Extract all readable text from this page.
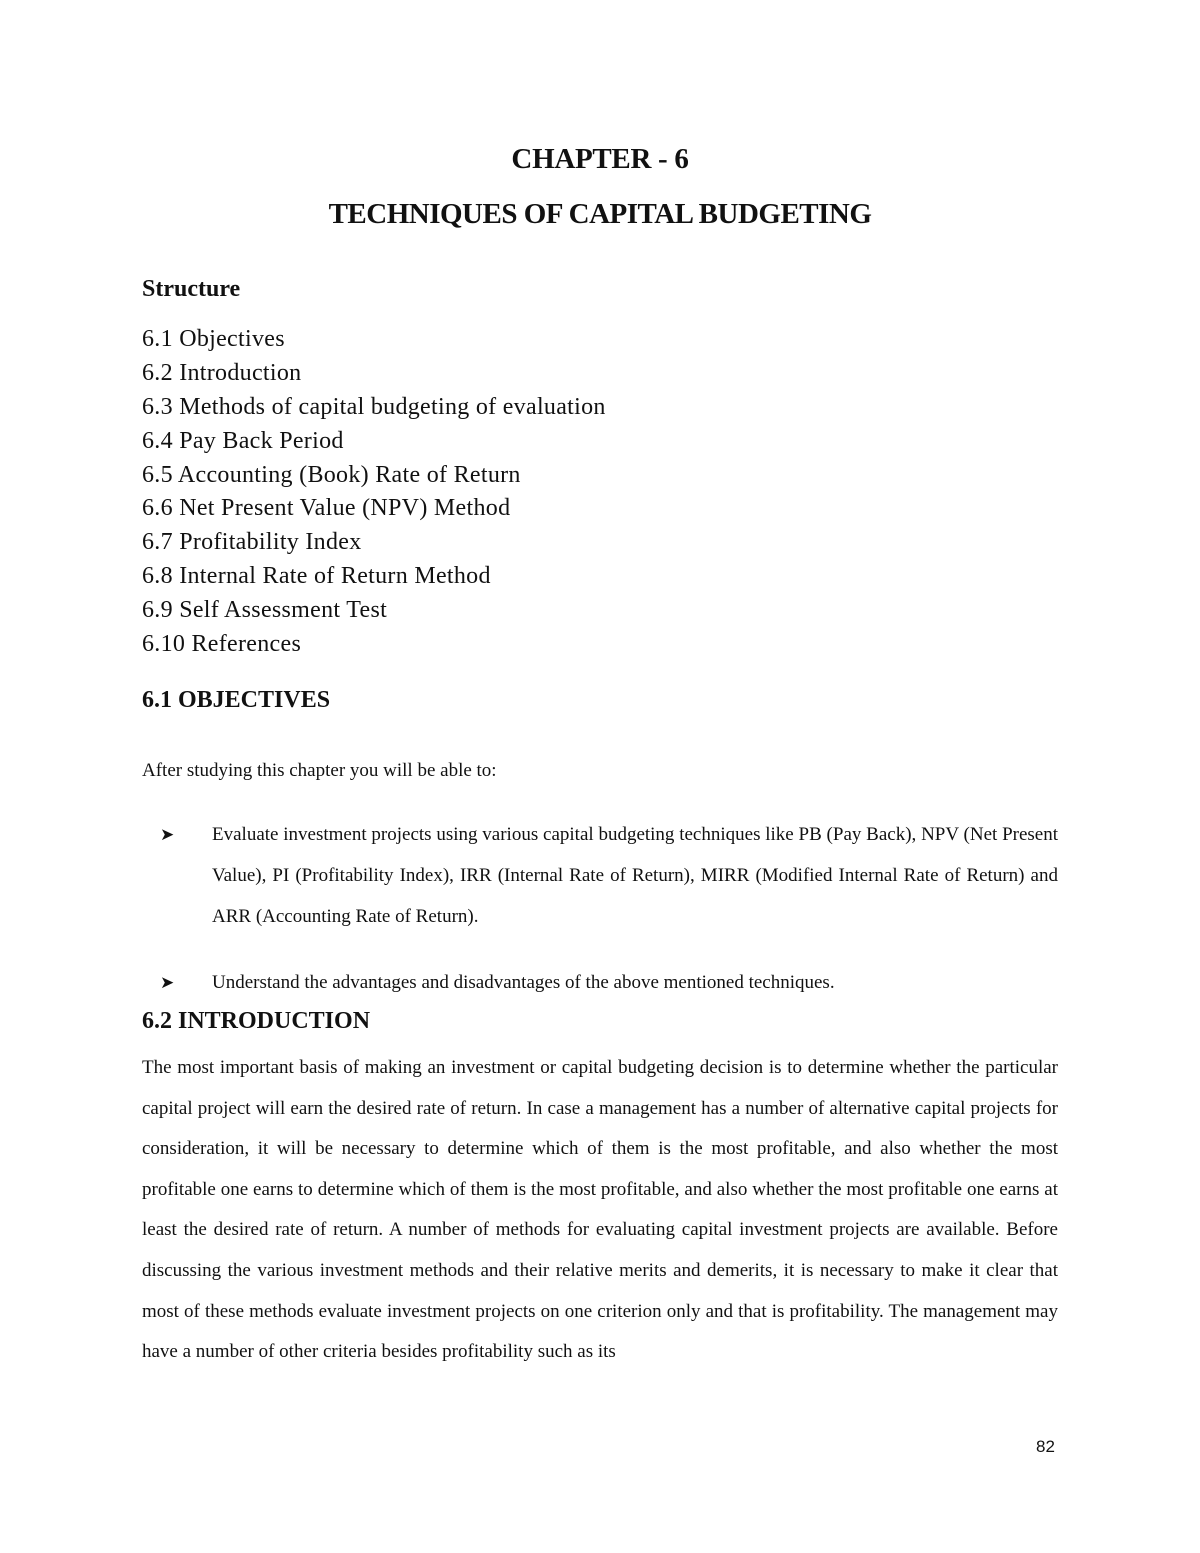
CHAPTER - 6
TECHNIQUES OF CAPITAL BUDGETING
Structure
6.1 Objectives
6.2 Introduction
6.3 Methods of capital budgeting of evaluation
6.4 Pay Back Period
6.5 Accounting (Book) Rate of Return
6.6 Net Present Value (NPV) Method
6.7 Profitability Index
6.8 Internal Rate of Return Method
6.9 Self Assessment Test
6.10 References
6.1 OBJECTIVES
After studying this chapter you will be able to:
➤	Evaluate investment projects using various capital budgeting techniques like PB (Pay Back), NPV (Net Present Value), PI (Profitability Index), IRR (Internal Rate of Return), MIRR (Modified Internal Rate of Return) and ARR (Accounting Rate of Return).
➤	Understand the advantages and disadvantages of the above mentioned techniques.
6.2 INTRODUCTION

The most important basis of making an investment or capital budgeting decision is to determine whether the particular capital project will earn the desired rate of return. In case a management has a number of alternative capital projects for consideration, it will be necessary to determine which of them is the most profitable, and also whether the most profitable one earns to determine which of them is the most profitable, and also whether the most profitable one earns at least the desired rate of return. A number of methods for evaluating capital investment projects are available. Before discussing the various investment methods and their relative merits and demerits, it is necessary to make it clear that most of these methods evaluate investment projects on one criterion only and that is profitability. The management may have a number of other criteria besides profitability such as its

82
